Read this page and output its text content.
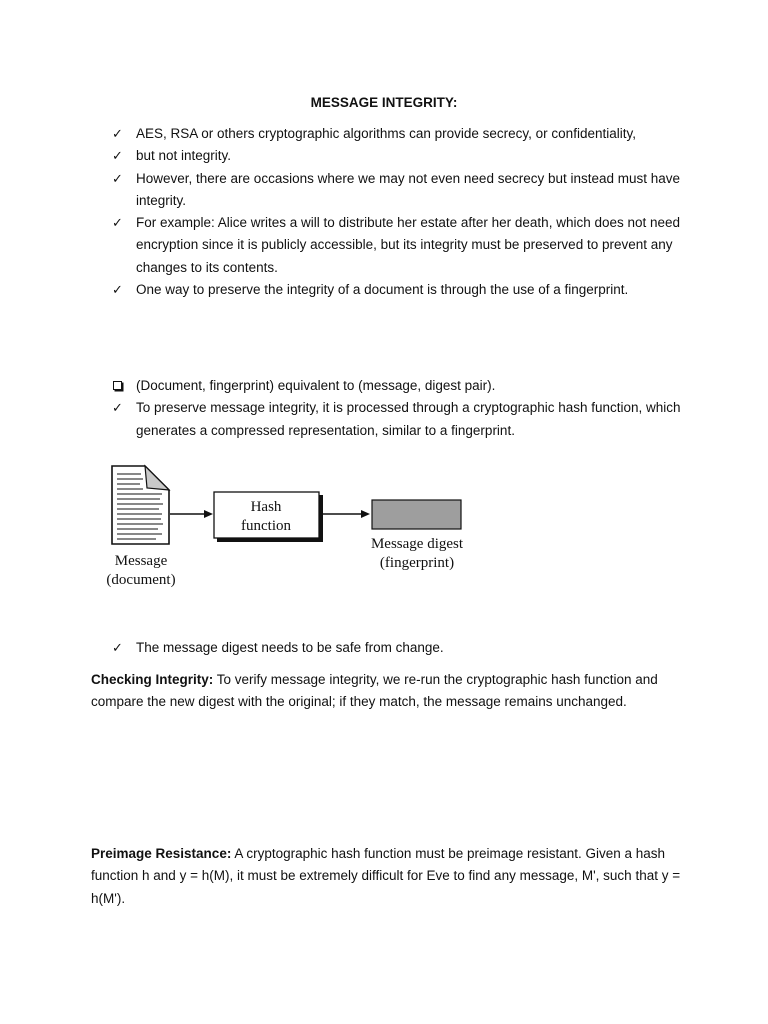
MESSAGE INTEGRITY:
✓ AES, RSA or others cryptographic algorithms can provide secrecy, or confidentiality,
✓ but not integrity.
✓ However, there are occasions where we may not even need secrecy but instead must have integrity.
✓ For example: Alice writes a will to distribute her estate after her death, which does not need encryption since it is publicly accessible, but its integrity must be preserved to prevent any changes to its contents.
✓ One way to preserve the integrity of a document is through the use of a fingerprint.
(Document, fingerprint) equivalent to (message, digest pair).
✓ To preserve message integrity, it is processed through a cryptographic hash function, which generates a compressed representation, similar to a fingerprint.
Message
(document)
Hash
function
Message digest
(fingerprint)
✓ The message digest needs to be safe from change.

Checking Integrity: To verify message integrity, we re-run the cryptographic hash function and compare the new digest with the original; if they match, the message remains unchanged.

Preimage Resistance: A cryptographic hash function must be preimage resistant. Given a hash function h and y = h(M), it must be extremely difficult for Eve to find any message, M', such that y = h(M').
